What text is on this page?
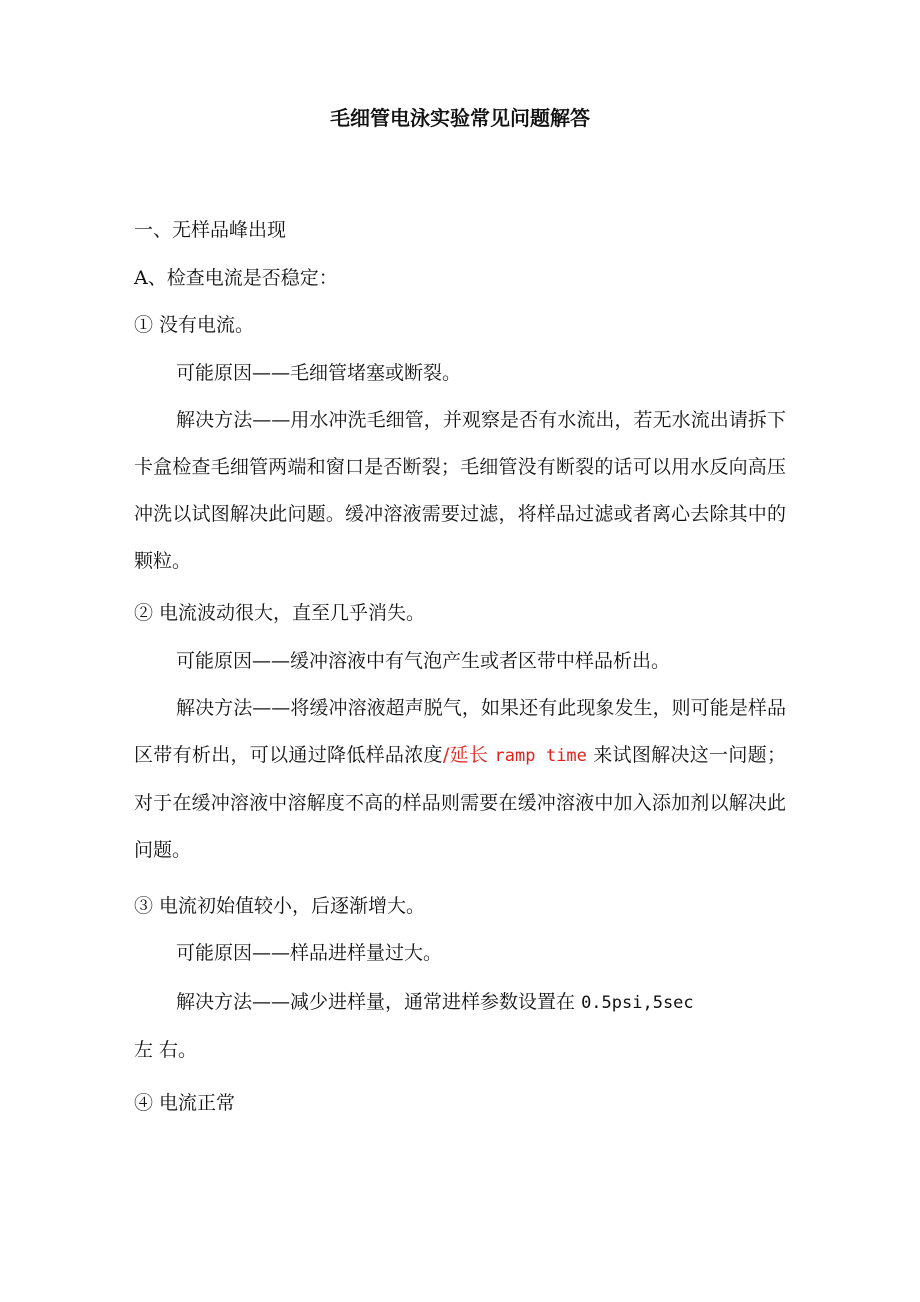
毛细管电泳实验常见问题解答
一、无样品峰出现
A、检查电流是否稳定：
① 没有电流。
可能原因——毛细管堵塞或断裂。

解决方法——用水冲洗毛细管，并观察是否有水流出，若无水流出请拆下卡盒检查毛细管两端和窗口是否断裂；毛细管没有断裂的话可以用水反向高压冲洗以试图解决此问题。缓冲溶液需要过滤，将样品过滤或者离心去除其中的颗粒。

② 电流波动很大，直至几乎消失。
可能原因——缓冲溶液中有气泡产生或者区带中样品析出。

解决方法——将缓冲溶液超声脱气，如果还有此现象发生，则可能是样品区带有析出，可以通过降低样品浓度/延长 ramp time 来试图解决这一问题；对于在缓冲溶液中溶解度不高的样品则需要在缓冲溶液中加入添加剂以解决此问题。

③ 电流初始值较小，后逐渐增大。
可能原因——样品进样量过大。
解决方法——减少进样量，通常进样参数设置在 0.5psi,5sec
左 右。
④ 电流正常
